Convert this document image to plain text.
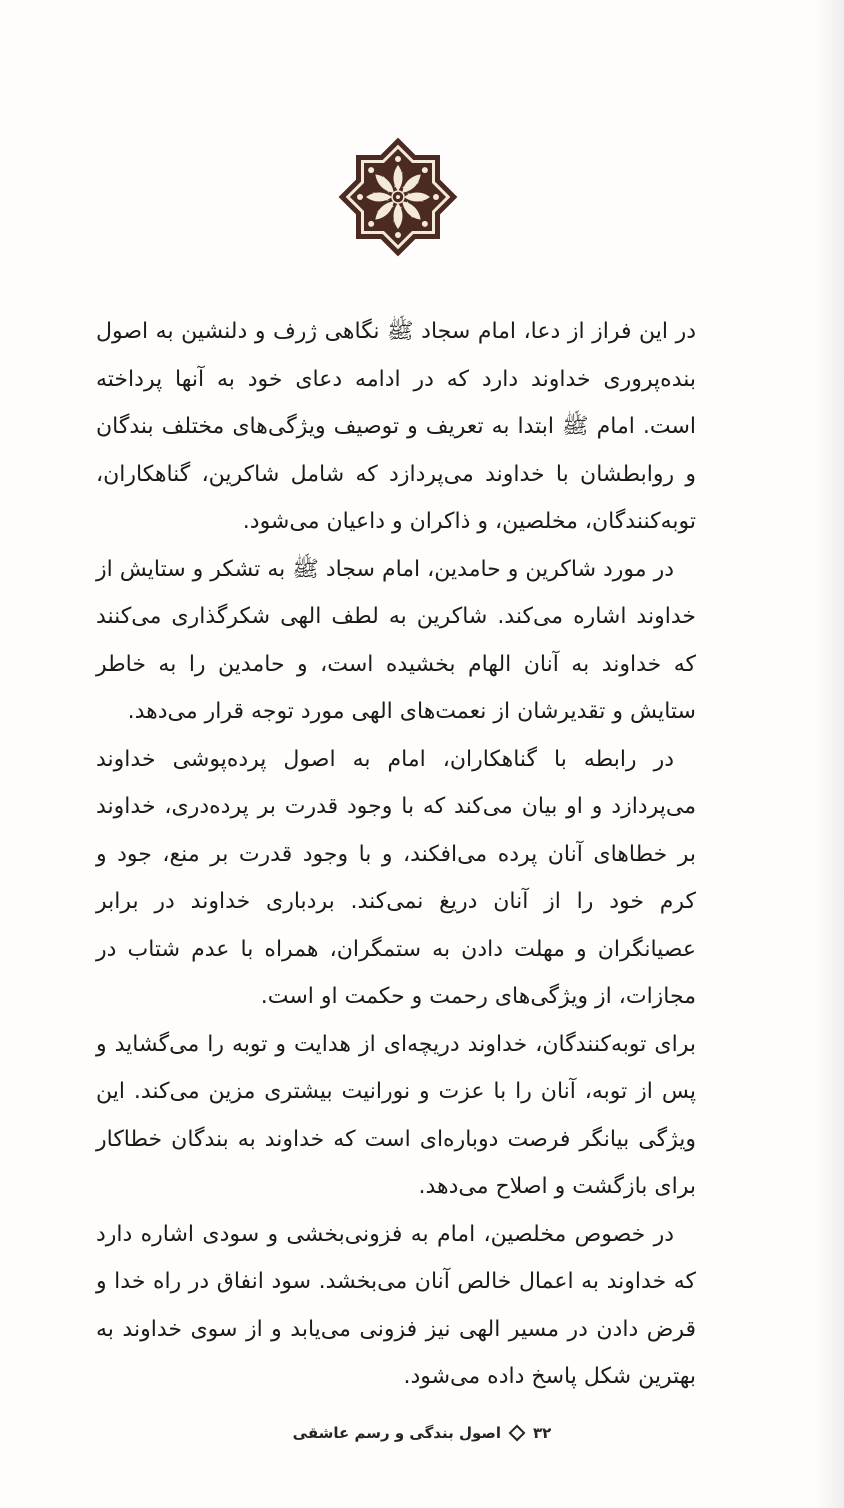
در این فراز از دعا، امام سجاد ﷺ نگاهی ژرف و دلنشین به اصول بنده‌پروری خداوند دارد که در ادامه دعای خود به آنها پرداخته است. امام ﷺ ابتدا به تعریف و توصیف ویژگی‌های مختلف بندگان و روابطشان با خداوند می‌پردازد که شامل شاکرین، گناهکاران، توبه‌کنندگان، مخلصین، و ذاکران و داعیان می‌شود.

در مورد شاکرین و حامدین، امام سجاد ﷺ به تشکر و ستایش از خداوند اشاره می‌کند. شاکرین به لطف الهی شکرگذاری می‌کنند که خداوند به آنان الهام بخشیده است، و حامدین را به خاطر ستایش و تقدیرشان از نعمت‌های الهی مورد توجه قرار می‌دهد.

در رابطه با گناهکاران، امام به اصول پرده‌پوشی خداوند می‌پردازد و او بیان می‌کند که با وجود قدرت بر پرده‌دری، خداوند بر خطاهای آنان پرده می‌افکند، و با وجود قدرت بر منع، جود و کرم خود را از آنان دریغ نمی‌کند. بردباری خداوند در برابر عصیانگران و مهلت دادن به ستمگران، همراه با عدم شتاب در مجازات، از ویژگی‌های رحمت و حکمت او است.

برای توبه‌کنندگان، خداوند دریچه‌ای از هدایت و توبه را می‌گشاید و پس از توبه، آنان را با عزت و نورانیت بیشتری مزین می‌کند. این ویژگی بیانگر فرصت دوباره‌ای است که خداوند به بندگان خطاکار برای بازگشت و اصلاح می‌دهد.

در خصوص مخلصین، امام به فزونی‌بخشی و سودی اشاره دارد که خداوند به اعمال خالص آنان می‌بخشد. سود انفاق در راه خدا و قرض دادن در مسیر الهی نیز فزونی می‌یابد و از سوی خداوند به بهترین شکل پاسخ داده می‌شود.

۳۲
اصول بندگی و رسم عاشقی
